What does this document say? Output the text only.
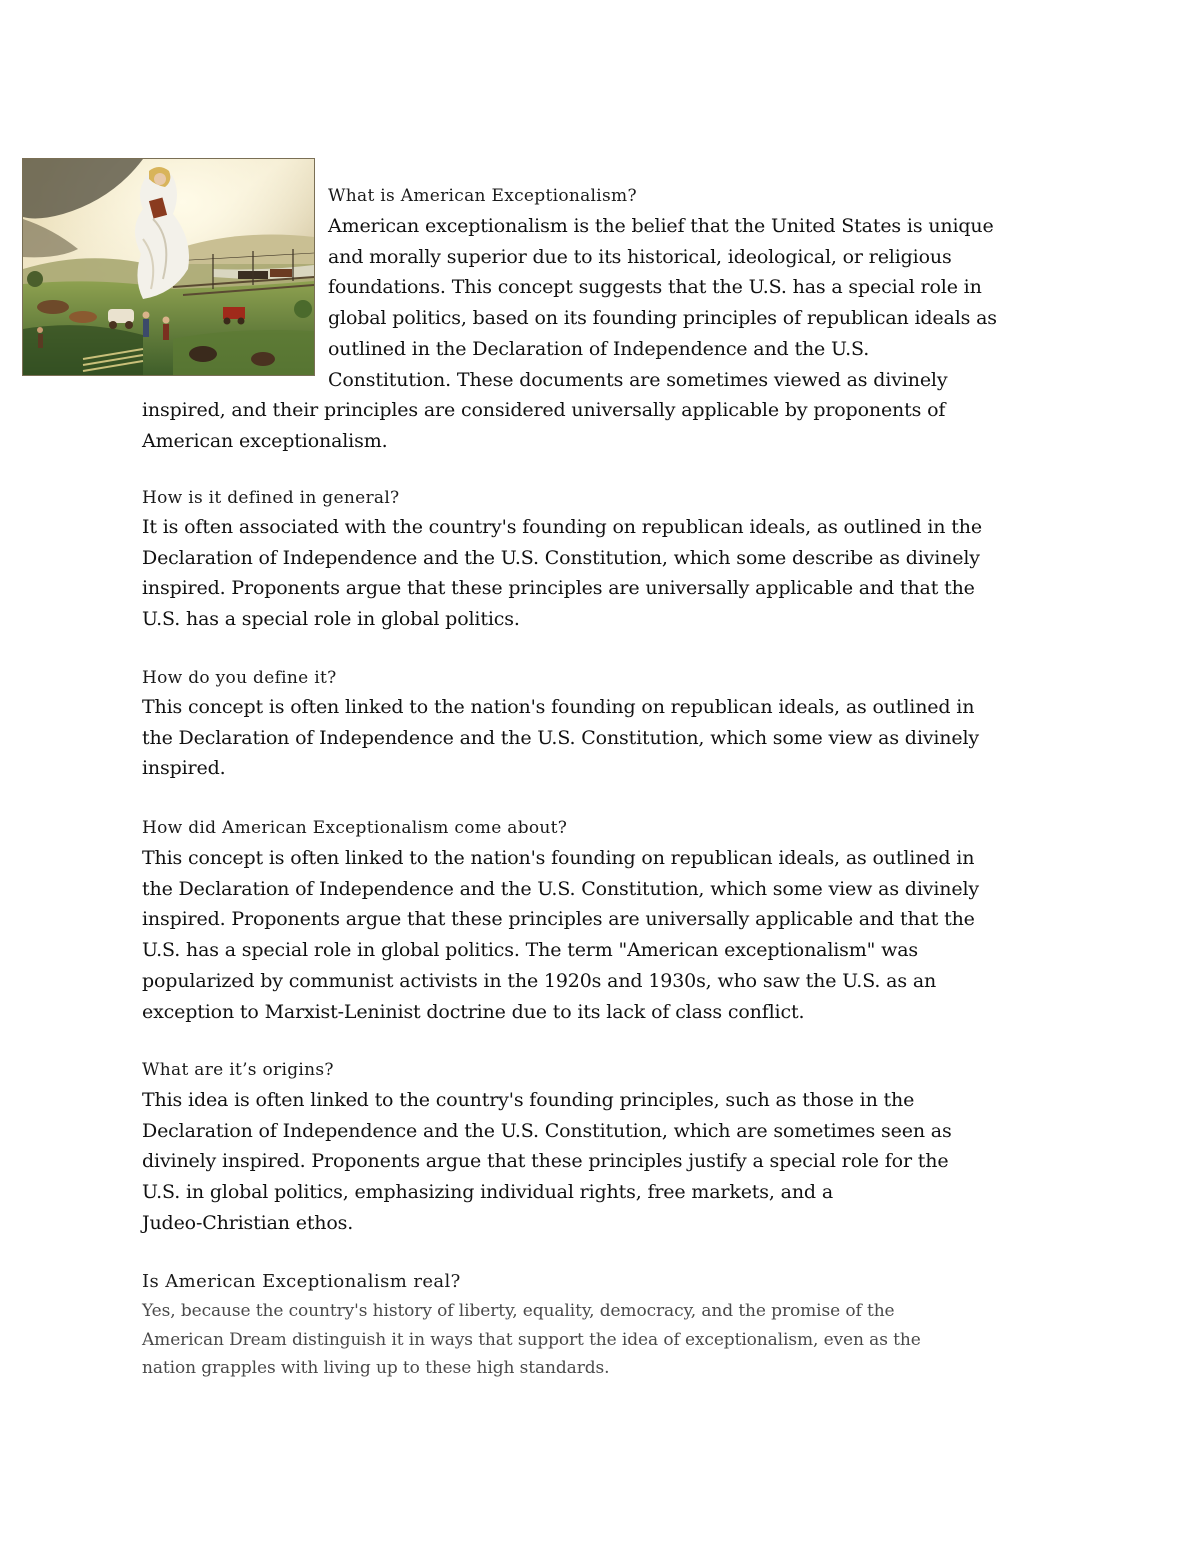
What is American Exceptionalism?
American exceptionalism is the belief that the United States is unique
and morally superior due to its historical, ideological, or religious
foundations. This concept suggests that the U.S. has a special role in
global politics, based on its founding principles of republican ideals as
outlined in the Declaration of Independence and the U.S.
Constitution. These documents are sometimes viewed as divinely
inspired, and their principles are considered universally applicable by proponents of
American exceptionalism.
How is it defined in general?
It is often associated with the country's founding on republican ideals, as outlined in the
Declaration of Independence and the U.S. Constitution, which some describe as divinely
inspired. Proponents argue that these principles are universally applicable and that the
U.S. has a special role in global politics.
How do you define it?
This concept is often linked to the nation's founding on republican ideals, as outlined in
the Declaration of Independence and the U.S. Constitution, which some view as divinely
inspired.
How did American Exceptionalism come about?
This concept is often linked to the nation's founding on republican ideals, as outlined in
the Declaration of Independence and the U.S. Constitution, which some view as divinely
inspired. Proponents argue that these principles are universally applicable and that the
U.S. has a special role in global politics. The term "American exceptionalism" was
popularized by communist activists in the 1920s and 1930s, who saw the U.S. as an
exception to Marxist-Leninist doctrine due to its lack of class conflict.
What are it’s origins?
This idea is often linked to the country's founding principles, such as those in the
Declaration of Independence and the U.S. Constitution, which are sometimes seen as
divinely inspired. Proponents argue that these principles justify a special role for the
U.S. in global politics, emphasizing individual rights, free markets, and a
Judeo-Christian ethos.
Is American Exceptionalism real?
Yes, because the country's history of liberty, equality, democracy, and the promise of the
American Dream distinguish it in ways that support the idea of exceptionalism, even as the
nation grapples with living up to these high standards.
